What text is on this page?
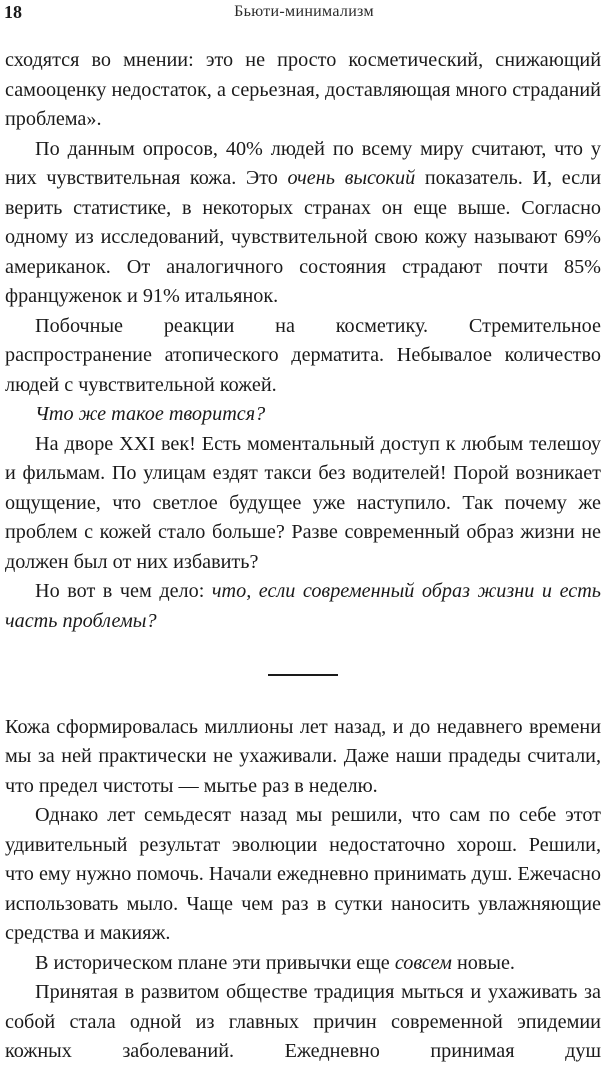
18	Бьюти-минимализм

сходятся во мнении: это не просто косметический, снижающий самооценку недостаток, а серьезная, доставляющая много страданий проблема».

По данным опросов, 40% людей по всему миру считают, что у них чувствительная кожа. Это очень высокий показатель. И, если верить статистике, в некоторых странах он еще выше. Согласно одному из исследований, чувствительной свою кожу называют 69% американок. От аналогичного состояния страдают почти 85% француженок и 91% итальянок.

Побочные реакции на косметику. Стремительное распространение атопического дерматита. Небывалое количество людей с чувствительной кожей.

Что же такое творится?

На дворе XXI век! Есть моментальный доступ к любым телешоу и фильмам. По улицам ездят такси без водителей! Порой возникает ощущение, что светлое будущее уже наступило. Так почему же проблем с кожей стало больше? Разве современный образ жизни не должен был от них избавить?

Но вот в чем дело: что, если современный образ жизни и есть часть проблемы?

Кожа сформировалась миллионы лет назад, и до недавнего времени мы за ней практически не ухаживали. Даже наши прадеды считали, что предел чистоты — мытье раз в неделю.

Однако лет семьдесят назад мы решили, что сам по себе этот удивительный результат эволюции недостаточно хорош. Решили, что ему нужно помочь. Начали ежедневно принимать душ. Ежечасно использовать мыло. Чаще чем раз в сутки наносить увлажняющие средства и макияж.

В историческом плане эти привычки еще совсем новые.

Принятая в развитом обществе традиция мыться и ухаживать за собой стала одной из главных причин современной эпидемии кожных заболеваний. Ежедневно принимая душ
